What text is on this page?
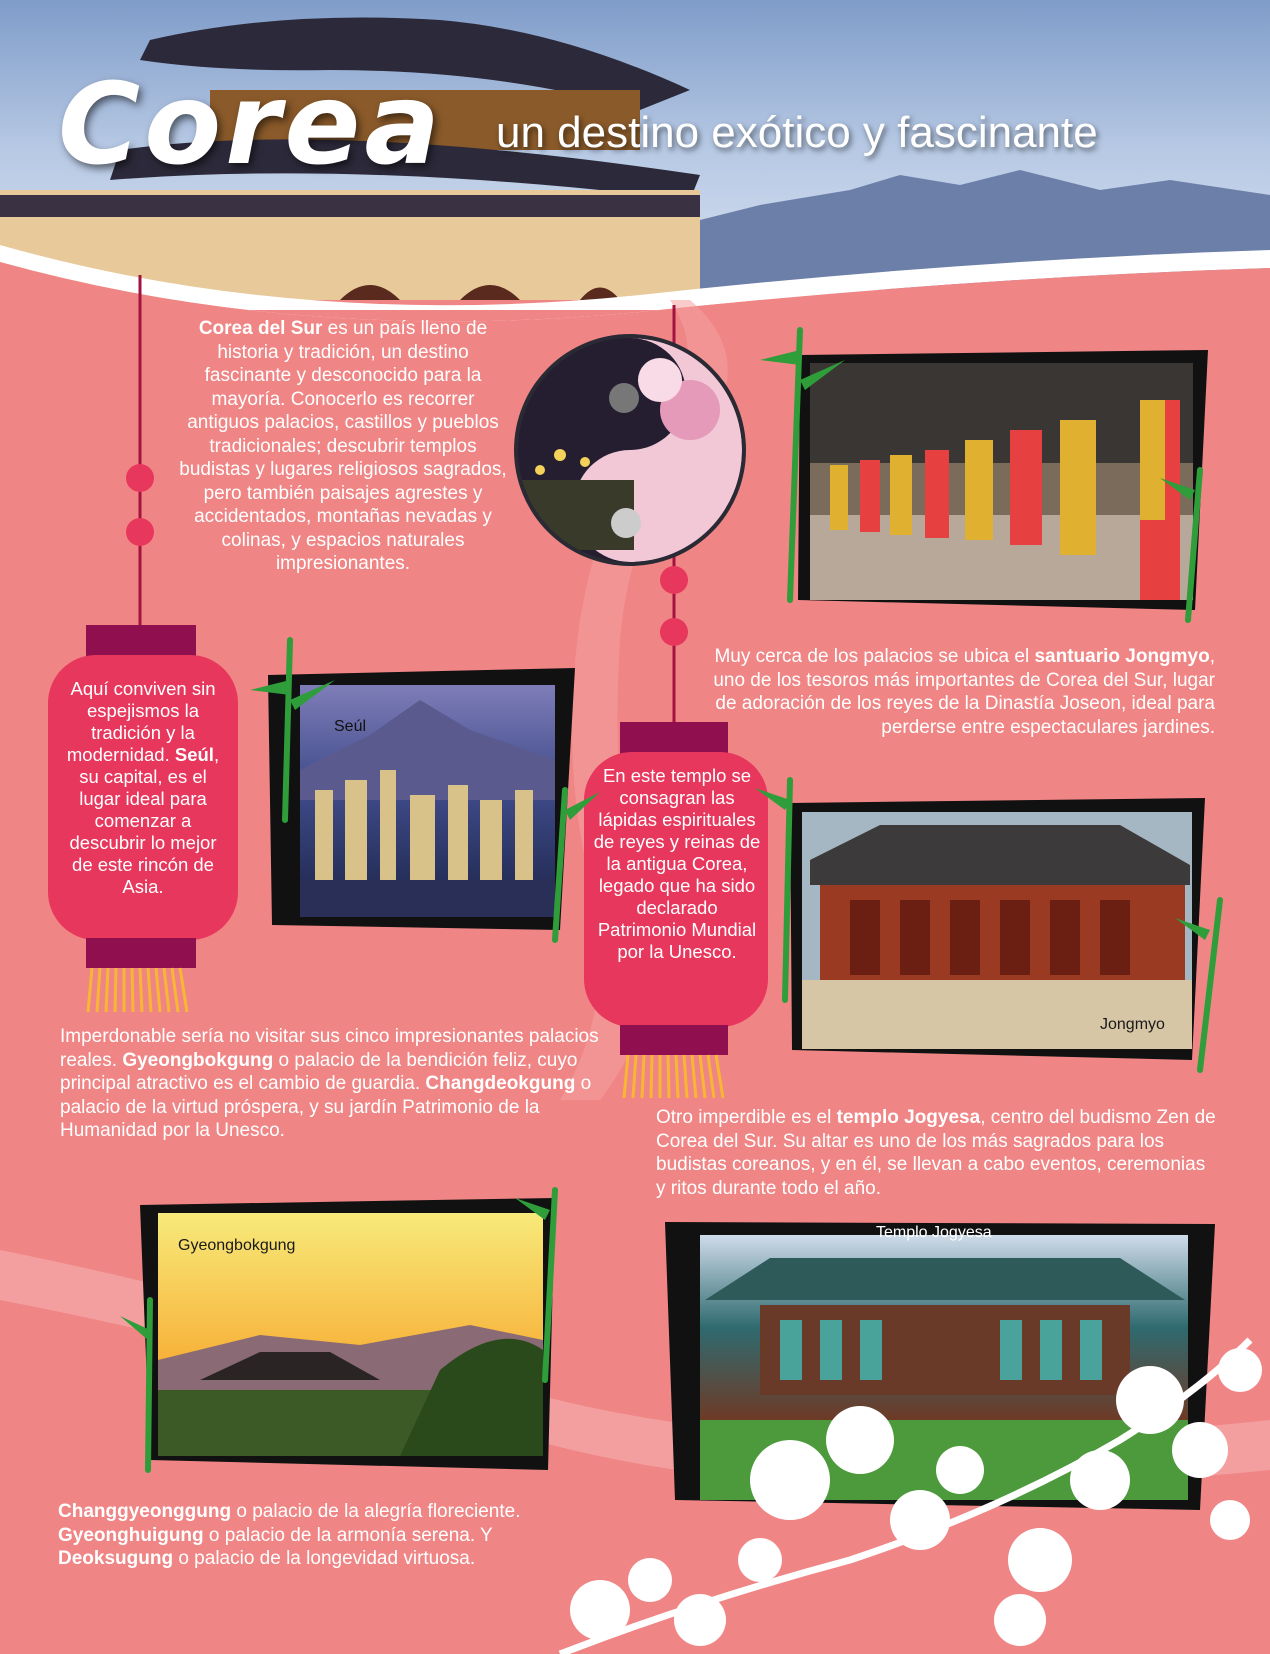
Corea un destino exótico y fascinante
Corea del Sur es un país lleno de historia y tradición, un destino fascinante y desconocido para la mayoría. Conocerlo es recorrer antiguos palacios, castillos y pueblos tradicionales; descubrir templos budistas y lugares religiosos sagrados, pero también paisajes agrestes y accidentados, montañas nevadas y colinas, y espacios naturales impresionantes.
Aquí conviven sin espejismos la tradición y la modernidad. Seúl, su capital, es el lugar ideal para comenzar a descubrir lo mejor de este rincón de Asia.
En este templo se consagran las lápidas espirituales de reyes y reinas de la antigua Corea, legado que ha sido declarado Patrimonio Mundial por la Unesco.
Muy cerca de los palacios se ubica el santuario Jongmyo, uno de los tesoros más importantes de Corea del Sur, lugar de adoración de los reyes de la Dinastía Joseon, ideal para perderse entre espectaculares jardines.
Imperdonable sería no visitar sus cinco impresionantes palacios reales. Gyeongbokgung o palacio de la bendición feliz, cuyo principal atractivo es el cambio de guardia. Changdeokgung o palacio de la virtud próspera, y su jardín Patrimonio de la Humanidad por la Unesco.
Otro imperdible es el templo Jogyesa, centro del budismo Zen de Corea del Sur. Su altar es uno de los más sagrados para los budistas coreanos, y en él, se llevan a cabo eventos, ceremonias y ritos durante todo el año.
Changgyeonggung o palacio de la alegría floreciente.
Gyeonghuigung o palacio de la armonía serena. Y
Deoksugung o palacio de la longevidad virtuosa.
Seúl
Jongmyo
Gyeongbokgung
Templo Jogyesa
